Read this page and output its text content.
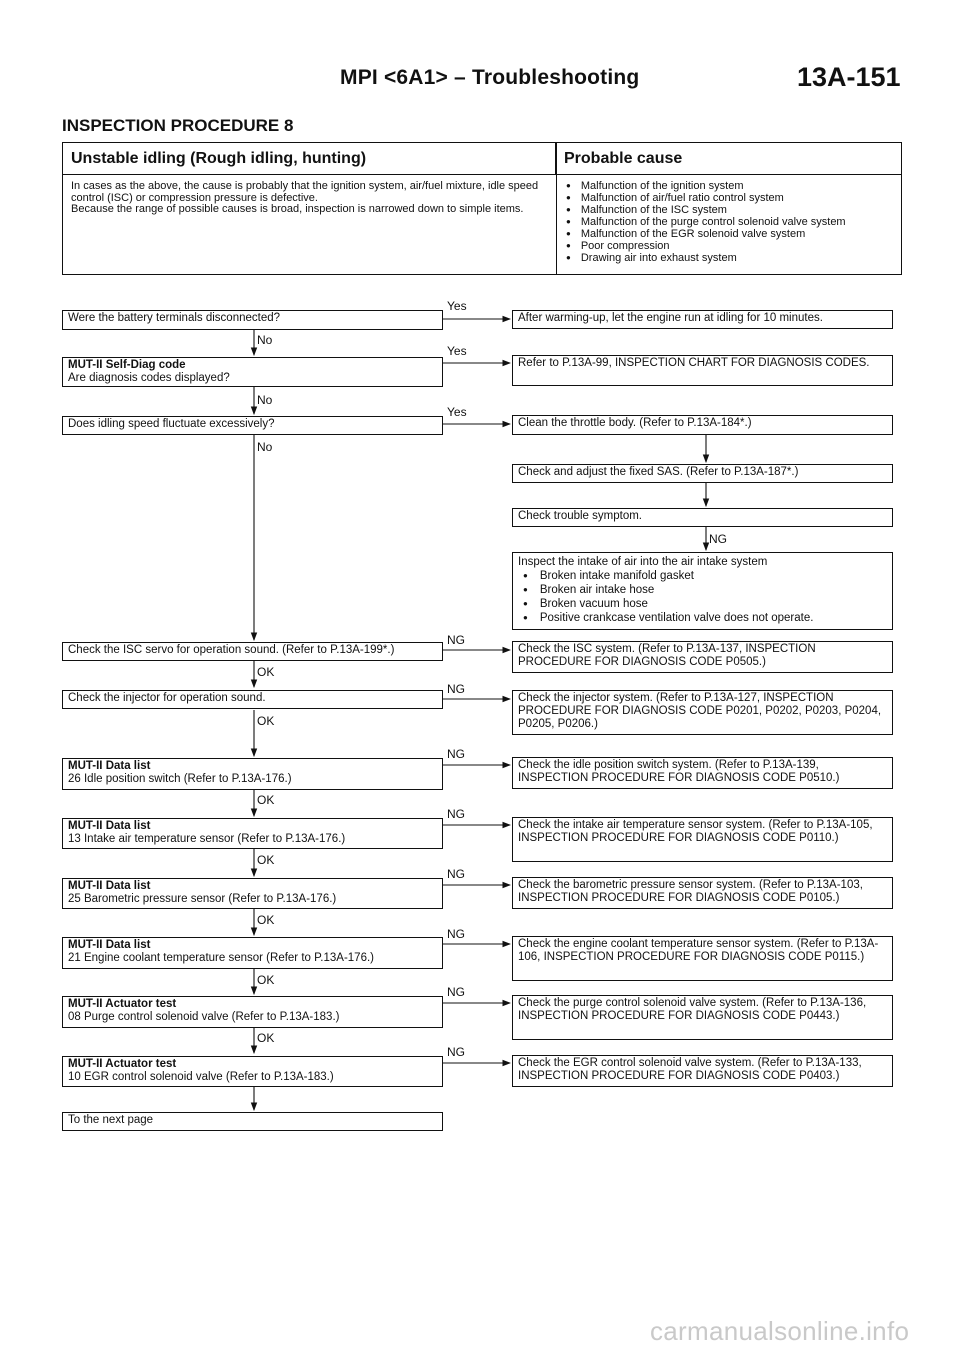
MPI <6A1> – Troubleshooting	13A-151
INSPECTION PROCEDURE 8
Unstable idling (Rough idling, hunting)	Probable cause
In cases as the above, the cause is probably that the ignition system, air/fuel mixture, idle speed control (ISC) or compression pressure is defective.
Because the range of possible causes is broad, inspection is narrowed down to simple items.
● Malfunction of the ignition system
● Malfunction of air/fuel ratio control system
● Malfunction of the ISC system
● Malfunction of the purge control solenoid valve system
● Malfunction of the EGR solenoid valve system
● Poor compression
● Drawing air into exhaust system
Were the battery terminals disconnected?
MUT-II Self-Diag code
Are diagnosis codes displayed?
Does idling speed fluctuate excessively?
Check the ISC servo for operation sound. (Refer to P.13A-199*.)
Check the injector for operation sound.
MUT-II Data list
26 Idle position switch (Refer to P.13A-176.)
MUT-II Data list
13 Intake air temperature sensor (Refer to P.13A-176.)
MUT-II Data list
25 Barometric pressure sensor (Refer to P.13A-176.)
MUT-II Data list
21 Engine coolant temperature sensor (Refer to P.13A-176.)
MUT-II Actuator test
08 Purge control solenoid valve (Refer to P.13A-183.)
MUT-II Actuator test
10 EGR control solenoid valve (Refer to P.13A-183.)
To the next page
After warming-up, let the engine run at idling for 10 minutes.
Refer to P.13A-99, INSPECTION CHART FOR DIAGNOSIS CODES.
Clean the throttle body. (Refer to P.13A-184*.)
Check and adjust the fixed SAS. (Refer to P.13A-187*.)
Check trouble symptom.
Inspect the intake of air into the air intake system
● Broken intake manifold gasket
● Broken air intake hose
● Broken vacuum hose
● Positive crankcase ventilation valve does not operate.
Check the ISC system. (Refer to P.13A-137, INSPECTION PROCEDURE FOR DIAGNOSIS CODE P0505.)
Check the injector system. (Refer to P.13A-127, INSPECTION PROCEDURE FOR DIAGNOSIS CODE P0201, P0202, P0203, P0204, P0205, P0206.)
Check the idle position switch system. (Refer to P.13A-139, INSPECTION PROCEDURE FOR DIAGNOSIS CODE P0510.)
Check the intake air temperature sensor system. (Refer to P.13A-105, INSPECTION PROCEDURE FOR DIAGNOSIS CODE P0110.)
Check the barometric pressure sensor system. (Refer to P.13A-103, INSPECTION PROCEDURE FOR DIAGNOSIS CODE P0105.)
Check the engine coolant temperature sensor system. (Refer to P.13A-106, INSPECTION PROCEDURE FOR DIAGNOSIS CODE P0115.)
Check the purge control solenoid valve system. (Refer to P.13A-136, INSPECTION PROCEDURE FOR DIAGNOSIS CODE P0443.)
Check the EGR control solenoid valve system. (Refer to P.13A-133, INSPECTION PROCEDURE FOR DIAGNOSIS CODE P0403.)
Yes
Yes
Yes
No
No
No
NG
NG
NG
NG
NG
NG
NG
NG
NG
OK
OK
OK
OK
OK
OK
OK
carmanualsonline.info
